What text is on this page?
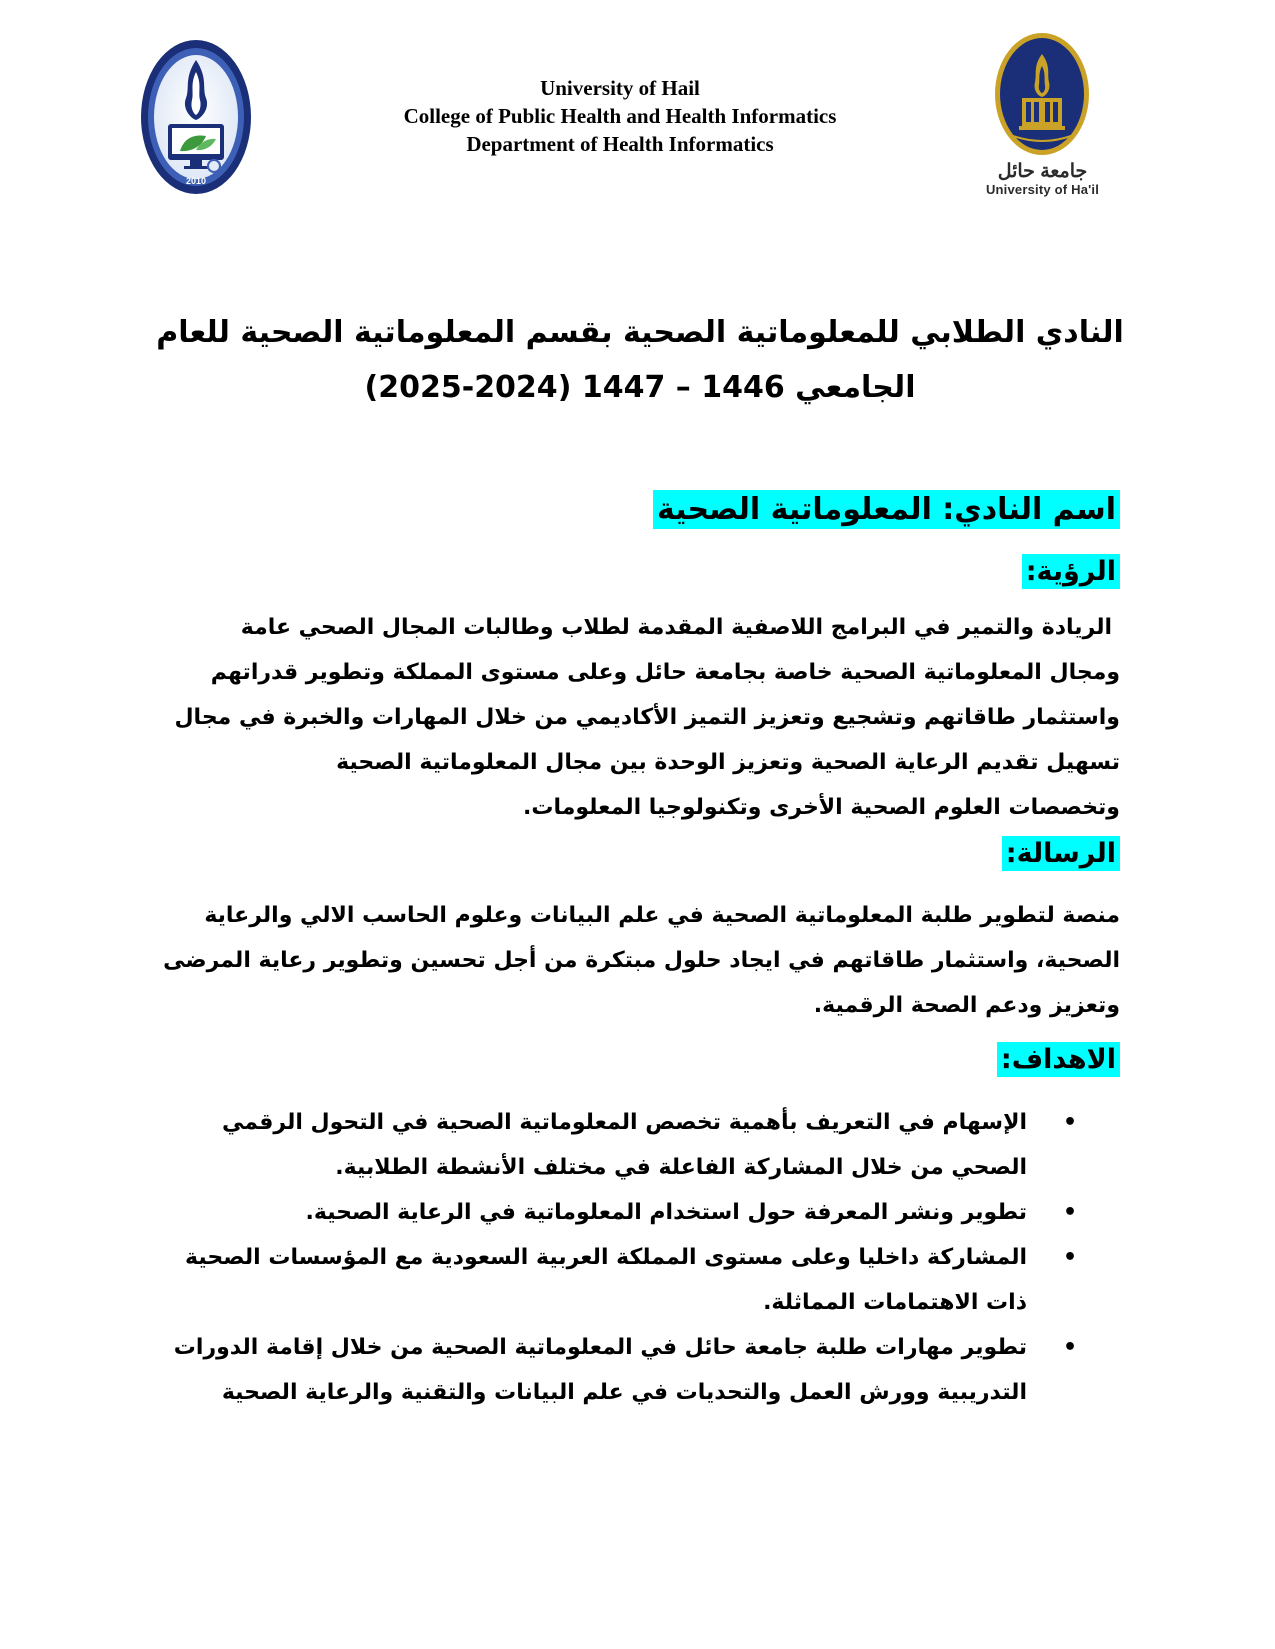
2010
University of Hail
College of Public Health and Health Informatics
Department of Health Informatics
جامعة حائل
University of Ha'il
النادي الطلابي للمعلوماتية الصحية بقسم المعلوماتية الصحية للعام
الجامعي 1446 – 1447 (2024-2025)
اسم النادي: المعلوماتية الصحية
الرؤية:
الريادة والتمير في البرامج اللاصفية المقدمة لطلاب وطالبات المجال الصحي عامة
ومجال المعلوماتية الصحية خاصة بجامعة حائل وعلى مستوى المملكة وتطوير قدراتهم
واستثمار طاقاتهم وتشجيع وتعزيز التميز الأكاديمي من خلال المهارات والخبرة في مجال
تسهيل تقديم الرعاية الصحية وتعزيز الوحدة بين مجال المعلوماتية الصحية
وتخصصات العلوم الصحية الأخرى وتكنولوجيا المعلومات.
الرسالة:
منصة لتطوير طلبة المعلوماتية الصحية في علم البيانات وعلوم الحاسب الالي والرعاية
الصحية، واستثمار طاقاتهم في ايجاد حلول مبتكرة من أجل تحسين وتطوير رعاية المرضى
وتعزيز ودعم الصحة الرقمية.
الاهداف:
•
الإسهام في التعريف بأهمية تخصص المعلوماتية الصحية في التحول الرقمي
الصحي من خلال المشاركة الفاعلة في مختلف الأنشطة الطلابية.
•
تطوير ونشر المعرفة حول استخدام المعلوماتية في الرعاية الصحية.
•
المشاركة داخليا وعلى مستوى المملكة العربية السعودية مع المؤسسات الصحية
ذات الاهتمامات المماثلة.
•
تطوير مهارات طلبة جامعة حائل في المعلوماتية الصحية من خلال إقامة الدورات
التدريبية وورش العمل والتحديات في علم البيانات والتقنية والرعاية الصحية
